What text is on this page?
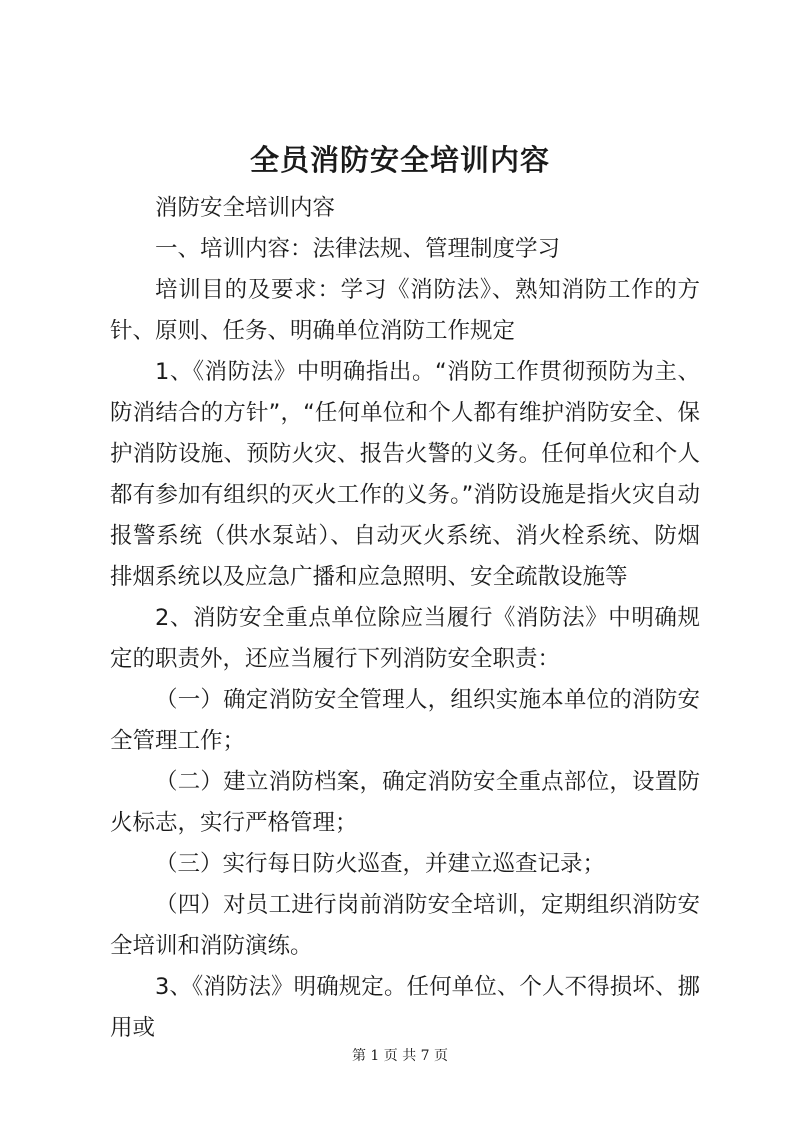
全员消防安全培训内容

消防安全培训内容

一、培训内容：法律法规、管理制度学习

培训目的及要求：学习《消防法》、熟知消防工作的方针、原则、任务、明确单位消防工作规定

1、《消防法》中明确指出。“消防工作贯彻预防为主、防消结合的方针”，“任何单位和个人都有维护消防安全、保护消防设施、预防火灾、报告火警的义务。任何单位和个人都有参加有组织的灭火工作的义务。”消防设施是指火灾自动报警系统（供水泵站）、自动灭火系统、消火栓系统、防烟排烟系统以及应急广播和应急照明、安全疏散设施等

2、消防安全重点单位除应当履行《消防法》中明确规定的职责外，还应当履行下列消防安全职责：

（一）确定消防安全管理人，组织实施本单位的消防安全管理工作；

（二）建立消防档案，确定消防安全重点部位，设置防火标志，实行严格管理；

（三）实行每日防火巡查，并建立巡查记录；

（四）对员工进行岗前消防安全培训，定期组织消防安全培训和消防演练。

3、《消防法》明确规定。任何单位、个人不得损坏、挪用或

第 1 页 共 7 页
